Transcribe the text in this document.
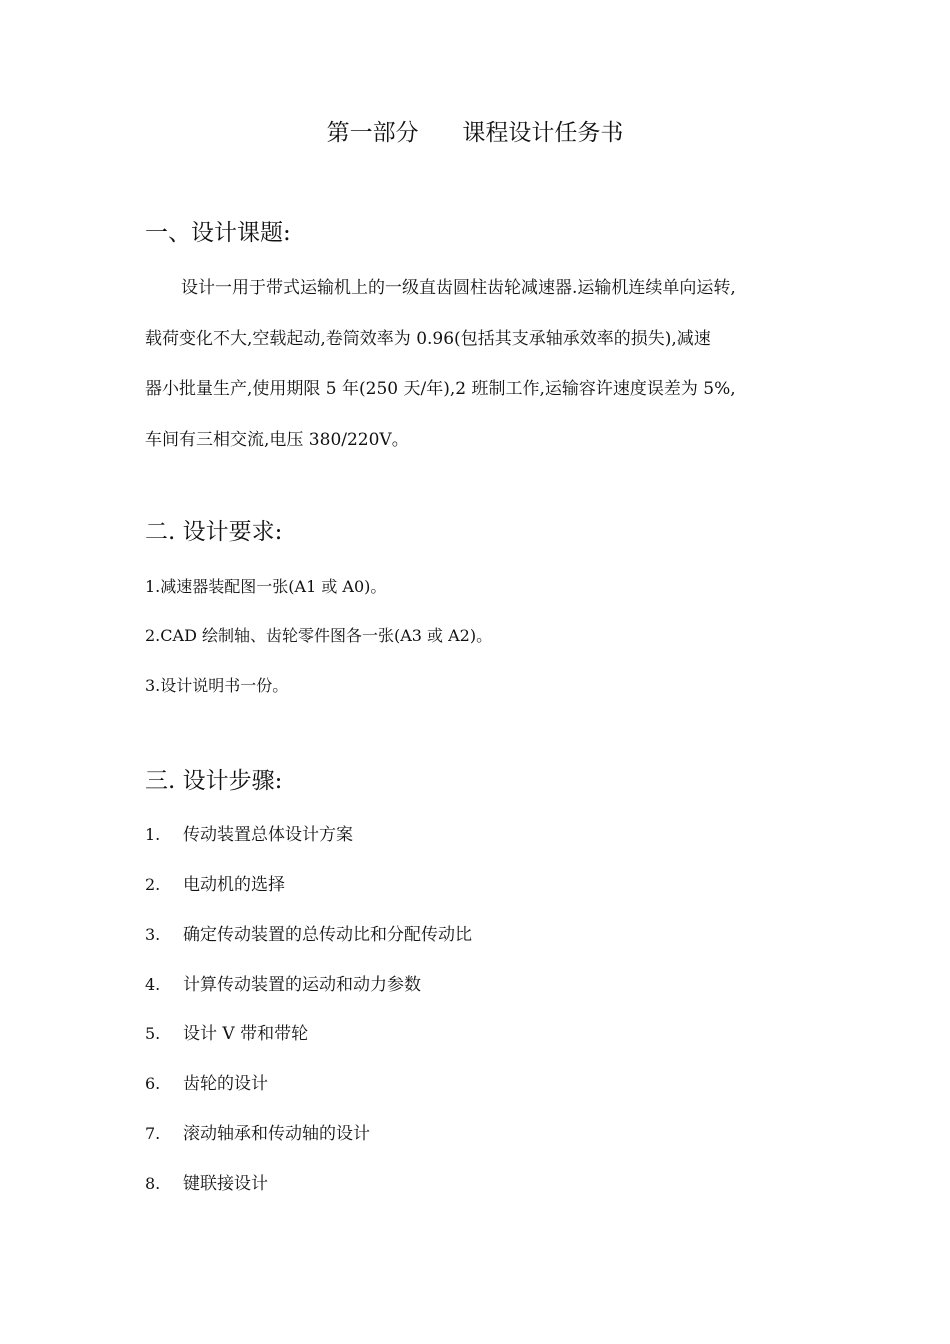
第一部分      课程设计任务书
一、设计课题:
设计一用于带式运输机上的一级直齿圆柱齿轮减速器.运输机连续单向运转,
载荷变化不大,空载起动,卷筒效率为 0.96(包括其支承轴承效率的损失),减速
器小批量生产,使用期限 5 年(250 天/年),2 班制工作,运输容许速度误差为 5%,
车间有三相交流,电压 380/220V。
二. 设计要求:
1.减速器装配图一张(A1 或 A0)。
2.CAD 绘制轴、齿轮零件图各一张(A3 或 A2)。
3.设计说明书一份。
三. 设计步骤:
1. 传动装置总体设计方案
2. 电动机的选择
3. 确定传动装置的总传动比和分配传动比
4. 计算传动装置的运动和动力参数
5. 设计 V 带和带轮
6. 齿轮的设计
7. 滚动轴承和传动轴的设计
8. 键联接设计
